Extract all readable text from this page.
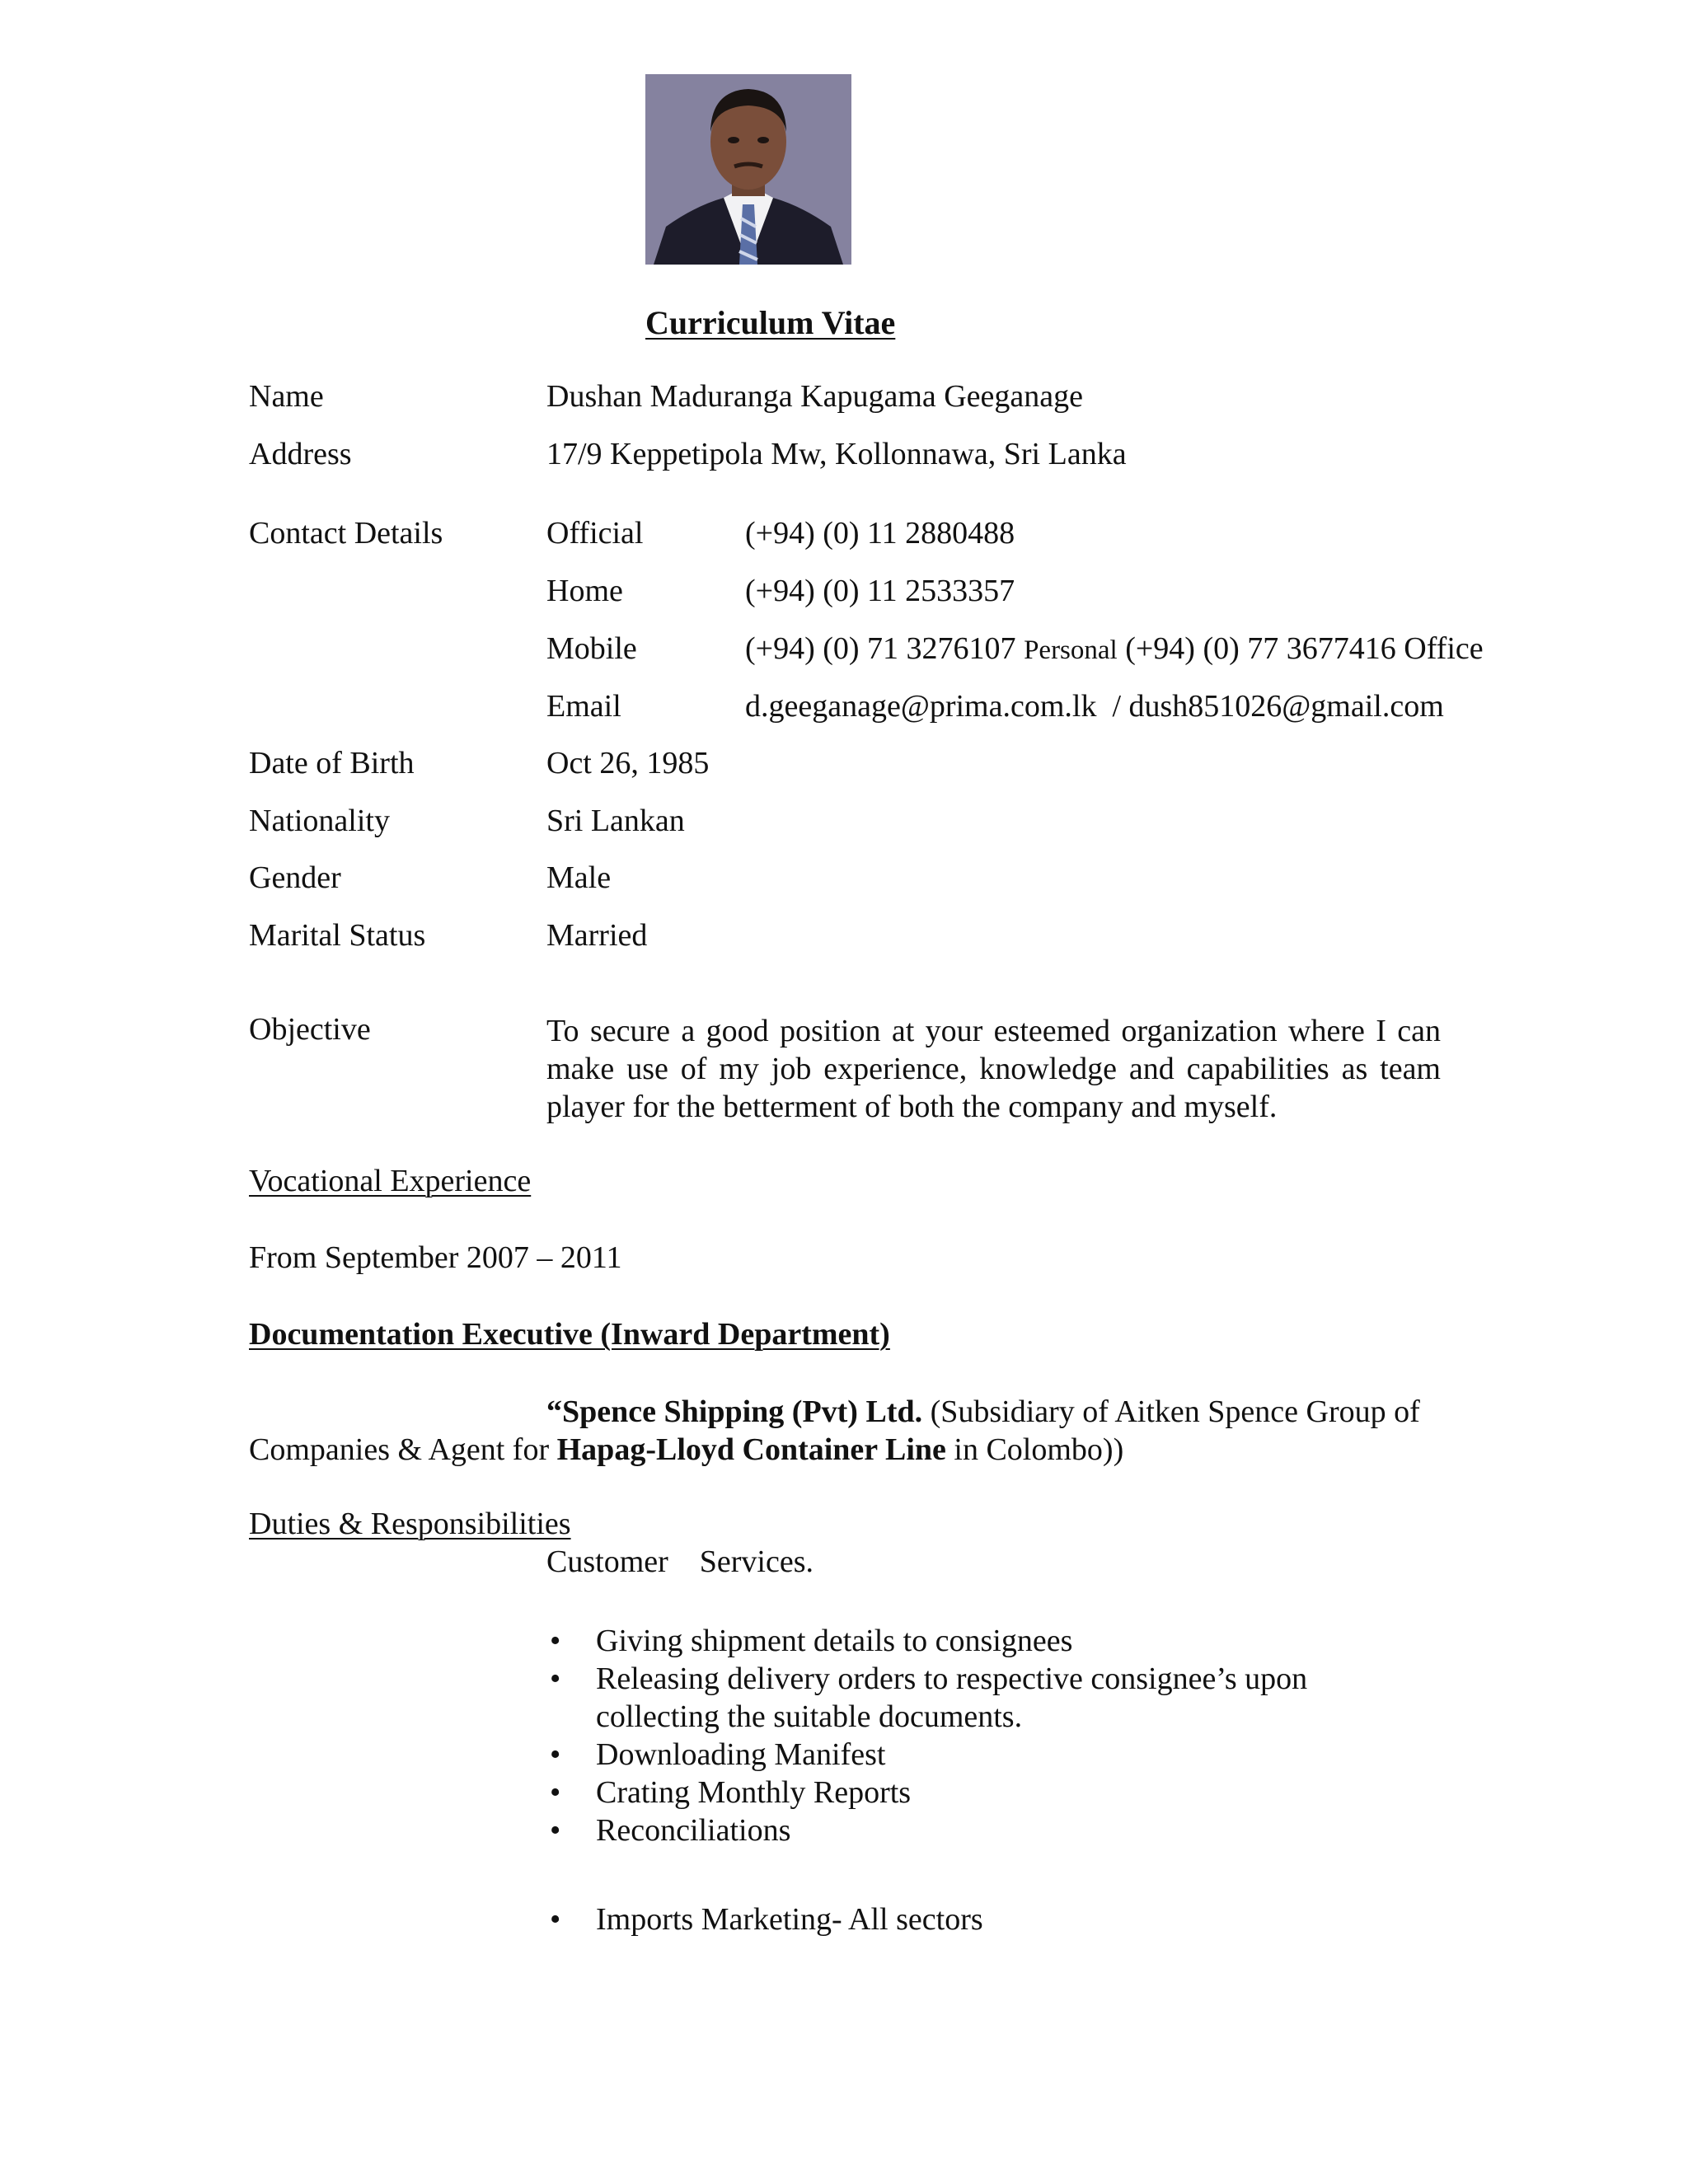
Curriculum Vitae
Name	Dushan Maduranga Kapugama Geeganage
Address	17/9 Keppetipola Mw, Kollonnawa, Sri Lanka
Contact Details	Official	(+94) (0) 11 2880488
Home	(+94) (0) 11 2533357
Mobile	(+94) (0) 71 3276107 Personal (+94) (0) 77 3677416 Office
Email	d.geeganage@prima.com.lk / dush851026@gmail.com
Date of Birth	Oct 26, 1985
Nationality	Sri Lankan
Gender	Male
Marital Status	Married
Objective	To secure a good position at your esteemed organization where I can make use of my job experience, knowledge and capabilities as team player for the betterment of both the company and myself.
Vocational Experience
From September 2007 – 2011
Documentation Executive (Inward Department)
“Spence Shipping (Pvt) Ltd. (Subsidiary of Aitken Spence Group of Companies & Agent for Hapag-Lloyd Container Line in Colombo))
Duties & Responsibilities
Customer    Services.
• Giving shipment details to consignees
• Releasing delivery orders to respective consignee’s upon collecting the suitable documents.
• Downloading Manifest
• Crating Monthly Reports
• Reconciliations
• Imports Marketing- All sectors
